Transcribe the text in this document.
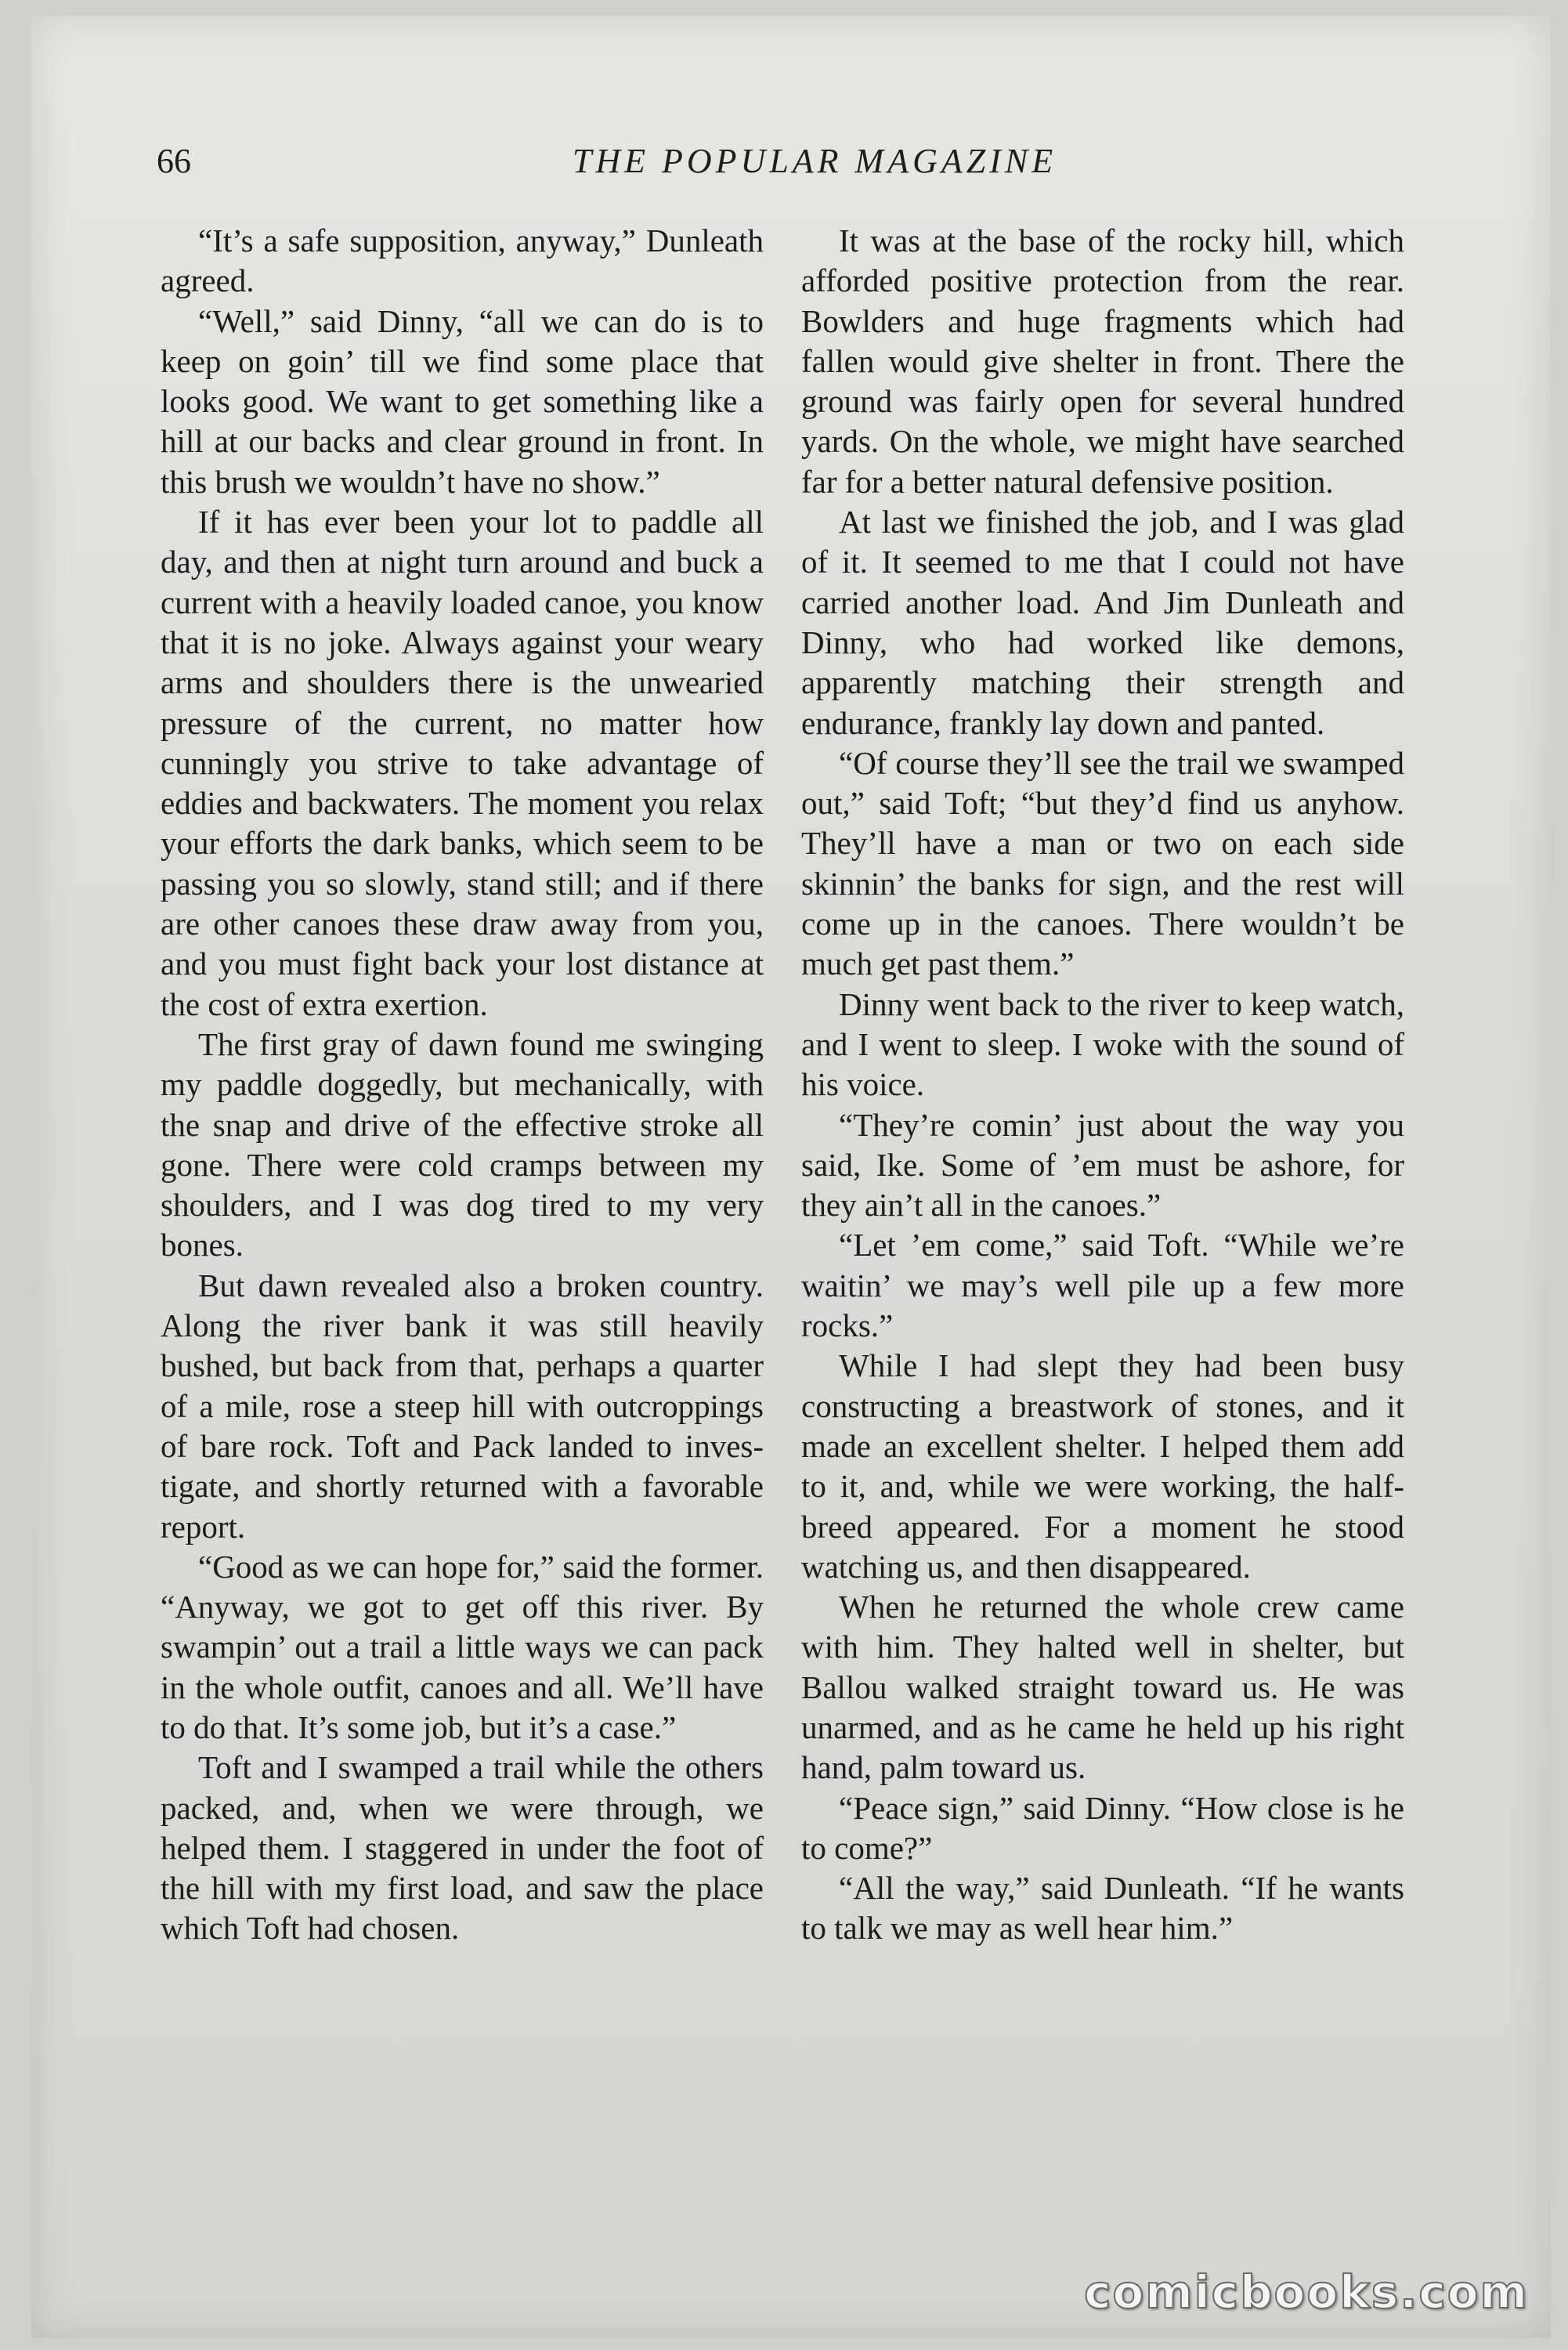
66	THE POPULAR MAGAZINE

“It’s a safe supposition, anyway,” Dunleath agreed.

“Well,” said Dinny, “all we can do is to keep on goin’ till we find some place that looks good. We want to get something like a hill at our backs and clear ground in front. In this brush we wouldn’t have no show.”

If it has ever been your lot to paddle all day, and then at night turn around and buck a current with a heavily loaded canoe, you know that it is no joke. Always against your weary arms and shoulders there is the unwearied pressure of the current, no matter how cunningly you strive to take advantage of eddies and backwaters. The moment you relax your efforts the dark banks, which seem to be passing you so slowly, stand still; and if there are other canoes these draw away from you, and you must fight back your lost distance at the cost of extra exertion.

The first gray of dawn found me swinging my paddle doggedly, but mechanically, with the snap and drive of the effective stroke all gone. There were cold cramps between my shoulders, and I was dog tired to my very bones.

But dawn revealed also a broken country. Along the river bank it was still heavily bushed, but back from that, perhaps a quarter of a mile, rose a steep hill with outcroppings of bare rock. Toft and Pack landed to investigate, and shortly returned with a favorable report.

“Good as we can hope for,” said the former. “Anyway, we got to get off this river. By swampin’ out a trail a little ways we can pack in the whole outfit, canoes and all. We’ll have to do that. It’s some job, but it’s a case.”

Toft and I swamped a trail while the others packed, and, when we were through, we helped them. I staggered in under the foot of the hill with my first load, and saw the place which Toft had chosen.

It was at the base of the rocky hill, which afforded positive protection from the rear. Bowlders and huge fragments which had fallen would give shelter in front. There the ground was fairly open for several hundred yards. On the whole, we might have searched far for a better natural defensive position.

At last we finished the job, and I was glad of it. It seemed to me that I could not have carried another load. And Jim Dunleath and Dinny, who had worked like demons, apparently matching their strength and endurance, frankly lay down and panted.

“Of course they’ll see the trail we swamped out,” said Toft; “but they’d find us anyhow. They’ll have a man or two on each side skinnin’ the banks for sign, and the rest will come up in the canoes. There wouldn’t be much get past them.”

Dinny went back to the river to keep watch, and I went to sleep. I woke with the sound of his voice.

“They’re comin’ just about the way you said, Ike. Some of ’em must be ashore, for they ain’t all in the canoes.”

“Let ’em come,” said Toft. “While we’re waitin’ we may’s well pile up a few more rocks.”

While I had slept they had been busy constructing a breastwork of stones, and it made an excellent shelter. I helped them add to it, and, while we were working, the half-breed appeared. For a moment he stood watching us, and then disappeared.

When he returned the whole crew came with him. They halted well in shelter, but Ballou walked straight toward us. He was unarmed, and as he came he held up his right hand, palm toward us.

“Peace sign,” said Dinny. “How close is he to come?”

“All the way,” said Dunleath. “If he wants to talk we may as well hear him.”

comicbooks.com
